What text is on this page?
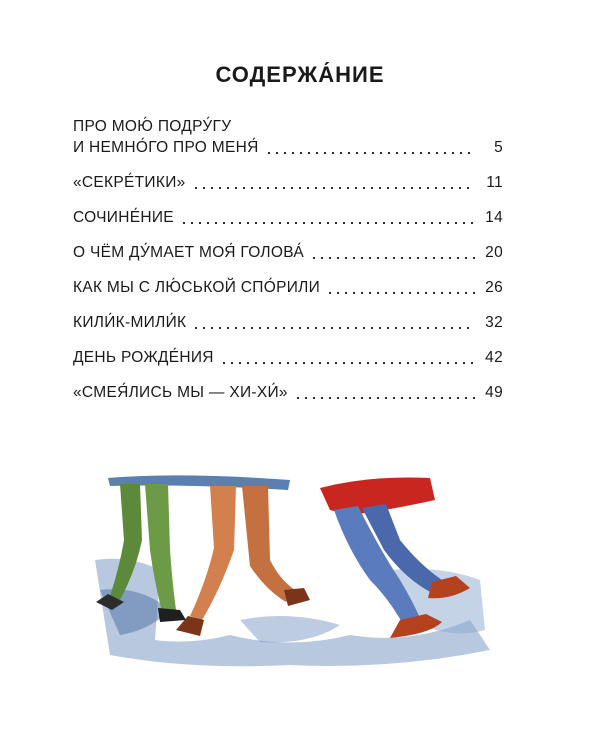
СОДЕРЖА́НИЕ
ПРО МОЮ́ ПОДРУ́ГУ
И НЕМНО́ГО ПРО МЕНЯ́	5
«СЕКРЕ́ТИКИ»	11
СОЧИНЕ́НИЕ	14
О ЧЁМ ДУ́МАЕТ МОЯ́ ГОЛОВА́	20
КАК МЫ С ЛЮ́СЬКОЙ СПО́РИЛИ	26
КИЛИ́К-МИЛИ́К	32
ДЕНЬ РОЖДЕ́НИЯ	42
«СМЕЯ́ЛИСЬ МЫ — ХИ-ХИ́»	49
